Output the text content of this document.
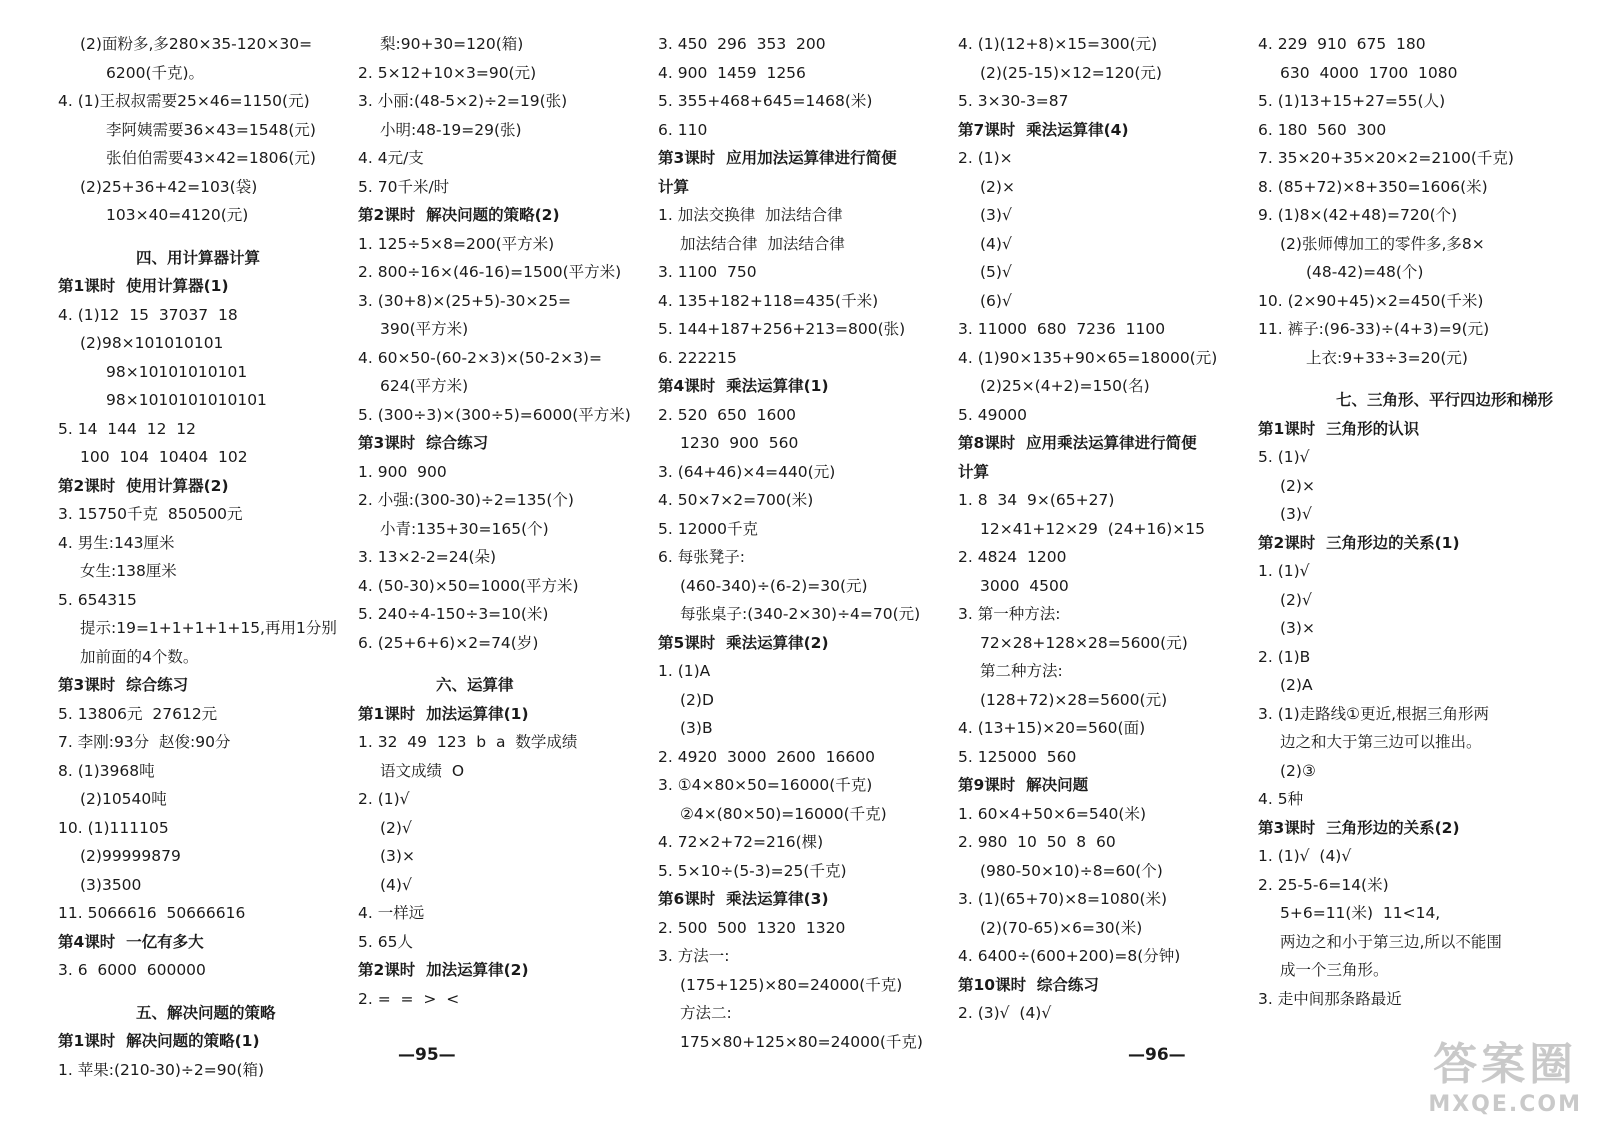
(2)面粉多,多280×35-120×30=
6200(千克)。
4. (1)王叔叔需要25×46=1150(元)
李阿姨需要36×43=1548(元)
张伯伯需要43×42=1806(元)
(2)25+36+42=103(袋)
103×40=4120(元)
四、用计算器计算
第1课时  使用计算器(1)
4. (1)12  15  37037  18
(2)98×101010101
98×10101010101
98×1010101010101
5. 14  144  12  12
100  104  10404  102
第2课时  使用计算器(2)
3. 15750千克  850500元
4. 男生:143厘米
女生:138厘米
5. 654315
提示:19=1+1+1+1+15,再用1分别
加前面的4个数。
第3课时  综合练习
5. 13806元  27612元
7. 李刚:93分  赵俊:90分
8. (1)3968吨
(2)10540吨
10. (1)111105
(2)99999879
(3)3500
11. 5066616  50666616
第4课时  一亿有多大
3. 6  6000  600000
五、解决问题的策略
第1课时  解决问题的策略(1)
1. 苹果:(210-30)÷2=90(箱)
梨:90+30=120(箱)
2. 5×12+10×3=90(元)
3. 小丽:(48-5×2)÷2=19(张)
小明:48-19=29(张)
4. 4元/支
5. 70千米/时
第2课时  解决问题的策略(2)
1. 125÷5×8=200(平方米)
2. 800÷16×(46-16)=1500(平方米)
3. (30+8)×(25+5)-30×25=
390(平方米)
4. 60×50-(60-2×3)×(50-2×3)=
624(平方米)
5. (300÷3)×(300÷5)=6000(平方米)
第3课时  综合练习
1. 900  900
2. 小强:(300-30)÷2=135(个)
小青:135+30=165(个)
3. 13×2-2=24(朵)
4. (50-30)×50=1000(平方米)
5. 240÷4-150÷3=10(米)
6. (25+6+6)×2=74(岁)
六、运算律
第1课时  加法运算律(1)
1. 32  49  123  b  a  数学成绩
语文成绩  O
2. (1)√
(2)√
(3)×
(4)√
4. 一样远
5. 65人
第2课时  加法运算律(2)
2. =  =  >  <
3. 450  296  353  200
4. 900  1459  1256
5. 355+468+645=1468(米)
6. 110
第3课时  应用加法运算律进行简便
计算
1. 加法交换律  加法结合律
加法结合律  加法结合律
3. 1100  750
4. 135+182+118=435(千米)
5. 144+187+256+213=800(张)
6. 222215
第4课时  乘法运算律(1)
2. 520  650  1600
1230  900  560
3. (64+46)×4=440(元)
4. 50×7×2=700(米)
5. 12000千克
6. 每张凳子:
(460-340)÷(6-2)=30(元)
每张桌子:(340-2×30)÷4=70(元)
第5课时  乘法运算律(2)
1. (1)A
(2)D
(3)B
2. 4920  3000  2600  16600
3. ①4×80×50=16000(千克)
②4×(80×50)=16000(千克)
4. 72×2+72=216(棵)
5. 5×10÷(5-3)=25(千克)
第6课时  乘法运算律(3)
2. 500  500  1320  1320
3. 方法一:
(175+125)×80=24000(千克)
方法二:
175×80+125×80=24000(千克)
4. (1)(12+8)×15=300(元)
(2)(25-15)×12=120(元)
5. 3×30-3=87
第7课时  乘法运算律(4)
2. (1)×
(2)×
(3)√
(4)√
(5)√
(6)√
3. 11000  680  7236  1100
4. (1)90×135+90×65=18000(元)
(2)25×(4+2)=150(名)
5. 49000
第8课时  应用乘法运算律进行简便
计算
1. 8  34  9×(65+27)
12×41+12×29  (24+16)×15
2. 4824  1200
3000  4500
3. 第一种方法:
72×28+128×28=5600(元)
第二种方法:
(128+72)×28=5600(元)
4. (13+15)×20=560(面)
5. 125000  560
第9课时  解决问题
1. 60×4+50×6=540(米)
2. 980  10  50  8  60
(980-50×10)÷8=60(个)
3. (1)(65+70)×8=1080(米)
(2)(70-65)×6=30(米)
4. 6400÷(600+200)=8(分钟)
第10课时  综合练习
2. (3)√  (4)√
4. 229  910  675  180
630  4000  1700  1080
5. (1)13+15+27=55(人)
6. 180  560  300
7. 35×20+35×20×2=2100(千克)
8. (85+72)×8+350=1606(米)
9. (1)8×(42+48)=720(个)
(2)张师傅加工的零件多,多8×
(48-42)=48(个)
10. (2×90+45)×2=450(千米)
11. 裤子:(96-33)÷(4+3)=9(元)
上衣:9+33÷3=20(元)
七、三角形、平行四边形和梯形
第1课时  三角形的认识
5. (1)√
(2)×
(3)√
第2课时  三角形边的关系(1)
1. (1)√
(2)√
(3)×
2. (1)B
(2)A
3. (1)走路线①更近,根据三角形两
边之和大于第三边可以推出。
(2)③
4. 5种
第3课时  三角形边的关系(2)
1. (1)√  (4)√
2. 25-5-6=14(米)
5+6=11(米)  11<14,
两边之和小于第三边,所以不能围
成一个三角形。
3. 走中间那条路最近
—95—	—96—	答案圈
MXQE.COM
